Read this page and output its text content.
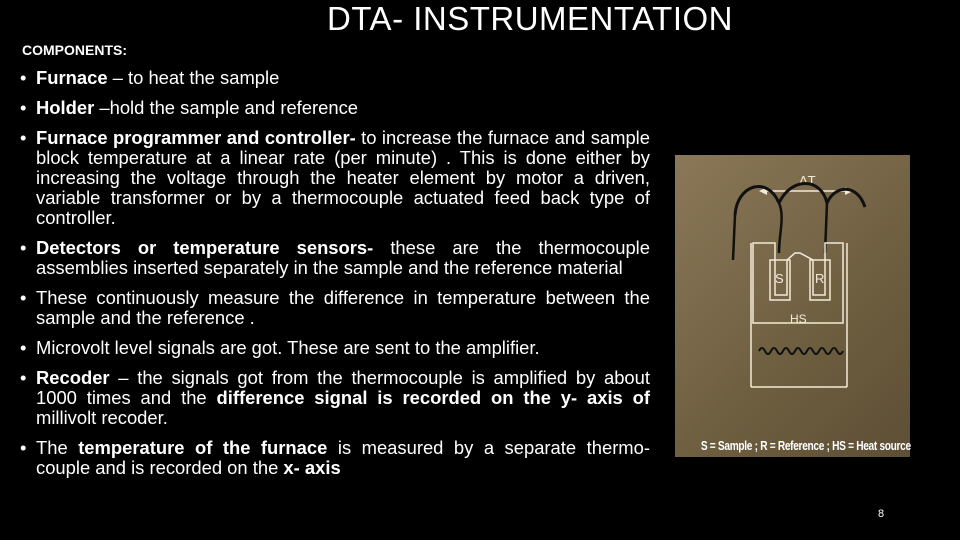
DTA- INSTRUMENTATION
COMPONENTS:
• Furnace – to heat the sample
• Holder –hold the sample and reference
• Furnace programmer and controller- to increase the furnace and sample block temperature at a linear rate (per minute) . This is done either by increasing the voltage through the heater element by motor a driven, variable transformer or by a thermocouple actuated feed back type of controller.
• Detectors or temperature sensors- these are the thermocouple assemblies inserted separately in the sample and the reference material
• These continuously measure the difference in temperature between the sample and the reference .
• Microvolt level signals are got. These are sent to the amplifier.
• Recoder – the signals got from the thermocouple is amplified by about 1000 times and the difference signal is recorded on the y- axis of millivolt recoder.
• The temperature of the furnace is measured by a separate thermo-couple and is recorded on the x- axis
ΔT
S R
HS
S = Sample ; R = Reference ; HS = Heat source
8
